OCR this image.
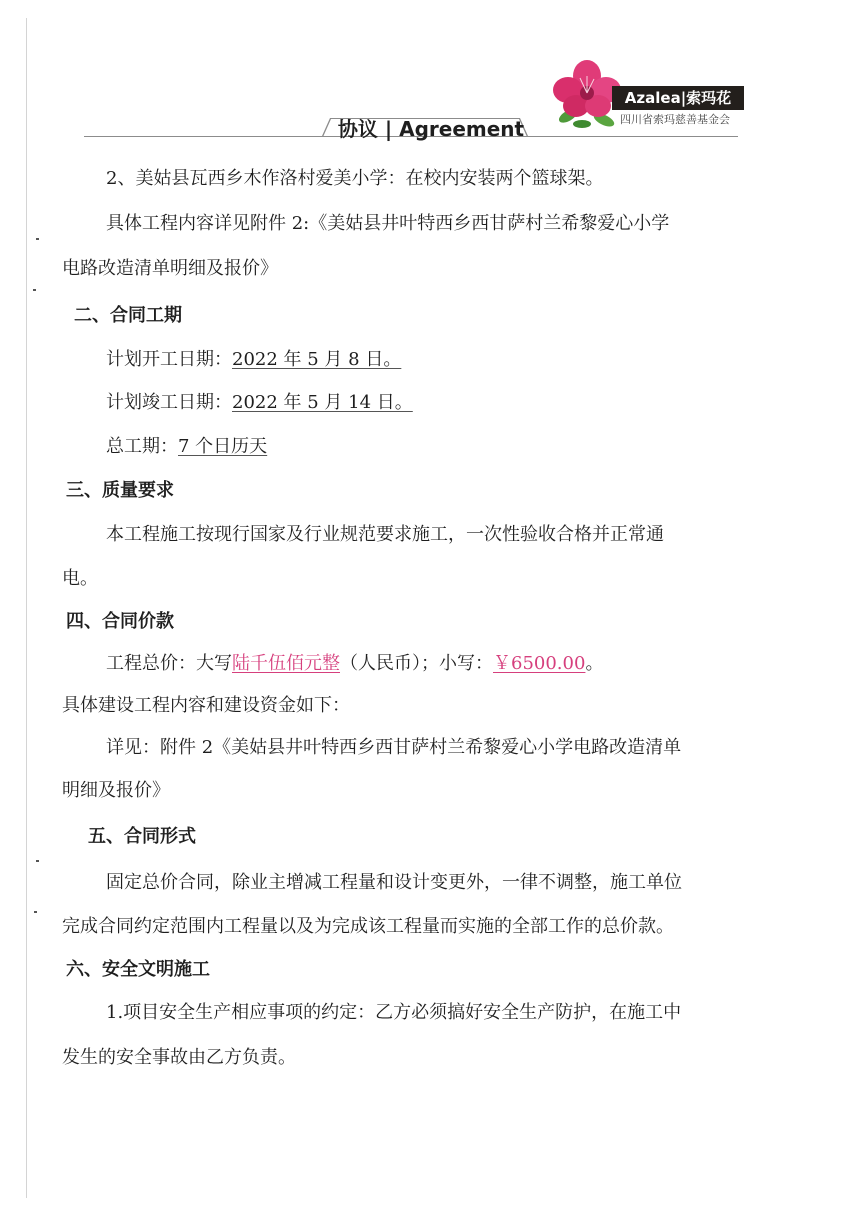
Azalea|索玛花
四川省索玛慈善基金会
协议 | Agreement
2、美姑县瓦西乡木作洛村爱美小学：在校内安装两个篮球架。
具体工程内容详见附件 2:《美姑县井叶特西乡西甘萨村兰希黎爱心小学
电路改造清单明细及报价》
二、合同工期
计划开工日期：2022 年 5 月 8 日。
计划竣工日期：2022 年 5 月 14 日。
总工期：7 个日历天
三、质量要求
本工程施工按现行国家及行业规范要求施工，一次性验收合格并正常通
电。
四、合同价款
工程总价：大写陆千伍佰元整（人民币）；小写：￥6500.00。
具体建设工程内容和建设资金如下：
详见：附件 2《美姑县井叶特西乡西甘萨村兰希黎爱心小学电路改造清单
明细及报价》
五、合同形式
固定总价合同，除业主增减工程量和设计变更外，一律不调整，施工单位
完成合同约定范围内工程量以及为完成该工程量而实施的全部工作的总价款。
六、安全文明施工
1.项目安全生产相应事项的约定：乙方必须搞好安全生产防护，在施工中
发生的安全事故由乙方负责。
